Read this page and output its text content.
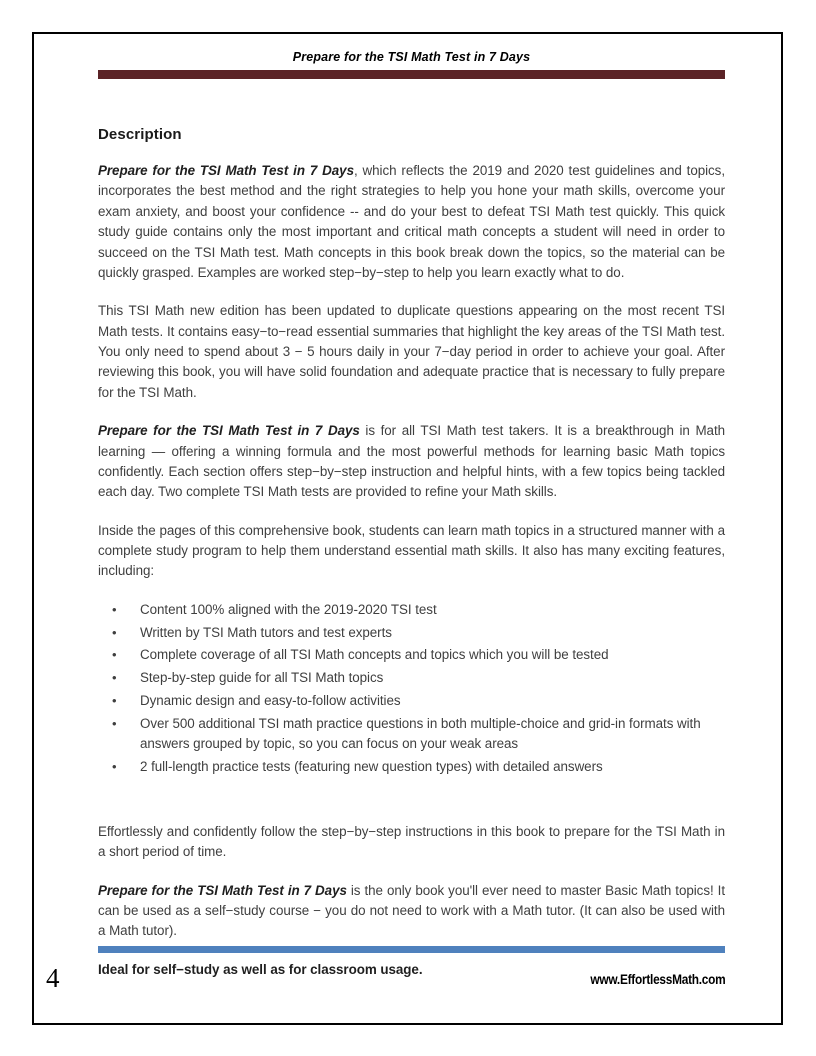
Prepare for the TSI Math Test in 7 Days
Description

Prepare for the TSI Math Test in 7 Days, which reflects the 2019 and 2020 test guidelines and topics, incorporates the best method and the right strategies to help you hone your math skills, overcome your exam anxiety, and boost your confidence -- and do your best to defeat TSI Math test quickly. This quick study guide contains only the most important and critical math concepts a student will need in order to succeed on the TSI Math test. Math concepts in this book break down the topics, so the material can be quickly grasped. Examples are worked step−by−step to help you learn exactly what to do.

This TSI Math new edition has been updated to duplicate questions appearing on the most recent TSI Math tests. It contains easy−to−read essential summaries that highlight the key areas of the TSI Math test. You only need to spend about 3 − 5 hours daily in your 7−day period in order to achieve your goal. After reviewing this book, you will have solid foundation and adequate practice that is necessary to fully prepare for the TSI Math.

Prepare for the TSI Math Test in 7 Days is for all TSI Math test takers. It is a breakthrough in Math learning — offering a winning formula and the most powerful methods for learning basic Math topics confidently. Each section offers step−by−step instruction and helpful hints, with a few topics being tackled each day. Two complete TSI Math tests are provided to refine your Math skills.

Inside the pages of this comprehensive book, students can learn math topics in a structured manner with a complete study program to help them understand essential math skills. It also has many exciting features, including:

• Content 100% aligned with the 2019-2020 TSI test
• Written by TSI Math tutors and test experts
• Complete coverage of all TSI Math concepts and topics which you will be tested
• Step-by-step guide for all TSI Math topics
• Dynamic design and easy-to-follow activities
• Over 500 additional TSI math practice questions in both multiple-choice and grid-in formats with answers grouped by topic, so you can focus on your weak areas
• 2 full-length practice tests (featuring new question types) with detailed answers

Effortlessly and confidently follow the step−by−step instructions in this book to prepare for the TSI Math in a short period of time.

Prepare for the TSI Math Test in 7 Days is the only book you'll ever need to master Basic Math topics! It can be used as a self−study course − you do not need to work with a Math tutor. (It can also be used with a Math tutor).

Ideal for self−study as well as for classroom usage.

4	www.EffortlessMath.com
